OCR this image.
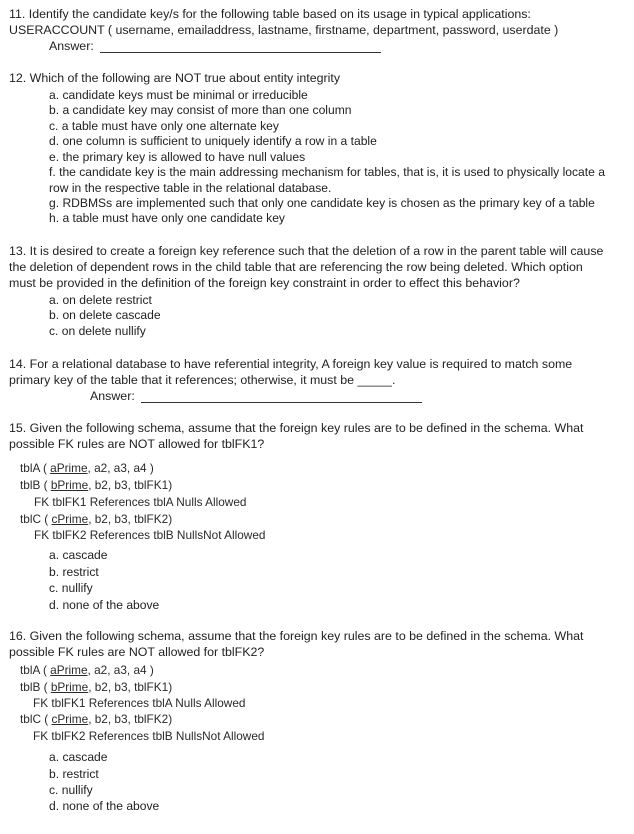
11. Identify the candidate key/s for the following table based on its usage in typical applications:
USERACCOUNT ( username, emailaddress, lastname, firstname, department, password, userdate )
Answer:
12. Which of the following are NOT true about entity integrity
a. candidate keys must be minimal or irreducible
b. a candidate key may consist of more than one column
c. a table must have only one alternate key
d. one column is sufficient to uniquely identify a row in a table
e. the primary key is allowed to have null values
f. the candidate key is the main addressing mechanism for tables, that is, it is used to physically locate a
row in the respective table in the relational database.
g. RDBMSs are implemented such that only one candidate key is chosen as the primary key of a table
h. a table must have only one candidate key
13. It is desired to create a foreign key reference such that the deletion of a row in the parent table will cause
the deletion of dependent rows in the child table that are referencing the row being deleted. Which option
must be provided in the definition of the foreign key constraint in order to effect this behavior?
a. on delete restrict
b. on delete cascade
c. on delete nullify
14. For a relational database to have referential integrity, A foreign key value is required to match some
primary key of the table that it references; otherwise, it must be _____.
Answer:
15. Given the following schema, assume that the foreign key rules are to be defined in the schema. What
possible FK rules are NOT allowed for tblFK1?
tblA ( aPrime, a2, a3, a4 )
tblB ( bPrime, b2, b3, tblFK1)
FK tblFK1 References tblA Nulls Allowed
tblC ( cPrime, b2, b3, tblFK2)
FK tblFK2 References tblB NullsNot Allowed
a. cascade
b. restrict
c. nullify
d. none of the above
16. Given the following schema, assume that the foreign key rules are to be defined in the schema. What
possible FK rules are NOT allowed for tblFK2?
tblA ( aPrime, a2, a3, a4 )
tblB ( bPrime, b2, b3, tblFK1)
FK tblFK1 References tblA Nulls Allowed
tblC ( cPrime, b2, b3, tblFK2)
FK tblFK2 References tblB NullsNot Allowed
a. cascade
b. restrict
c. nullify
d. none of the above
